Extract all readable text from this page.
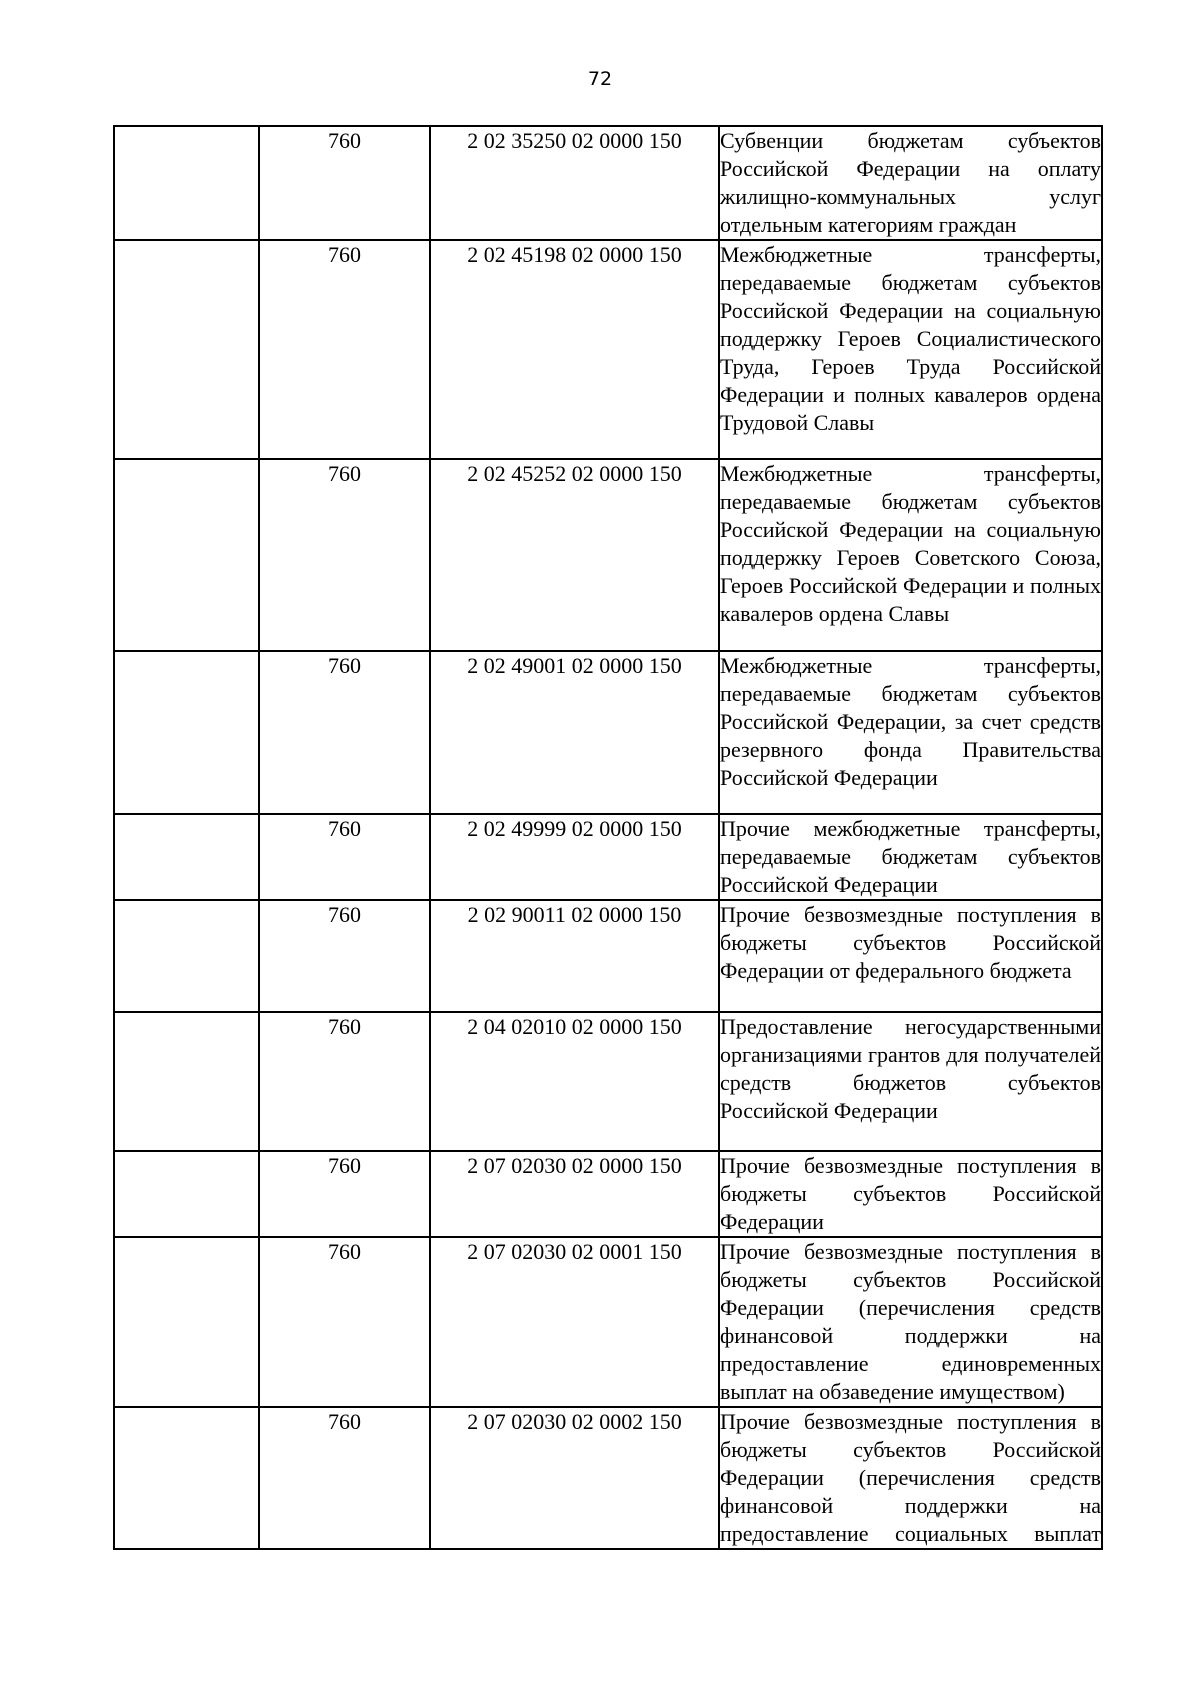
72
	760	2 02 35250 02 0000 150	Субвенции бюджетам субъектов Российской Федерации на оплату жилищно-коммунальных услуг отдельным категориям граждан
	760	2 02 45198 02 0000 150	Межбюджетные трансферты, передаваемые бюджетам субъектов Российской Федерации на социальную поддержку Героев Социалистического Труда, Героев Труда Российской Федерации и полных кавалеров ордена Трудовой Славы
	760	2 02 45252 02 0000 150	Межбюджетные трансферты, передаваемые бюджетам субъектов Российской Федерации на социальную поддержку Героев Советского Союза, Героев Российской Федерации и полных кавалеров ордена Славы
	760	2 02 49001 02 0000 150	Межбюджетные трансферты, передаваемые бюджетам субъектов Российской Федерации, за счет средств резервного фонда Правительства Российской Федерации
	760	2 02 49999 02 0000 150	Прочие межбюджетные трансферты, передаваемые бюджетам субъектов Российской Федерации
	760	2 02 90011 02 0000 150	Прочие безвозмездные поступления в бюджеты субъектов Российской Федерации от федерального бюджета
	760	2 04 02010 02 0000 150	Предоставление негосударственными организациями грантов для получателей средств бюджетов субъектов Российской Федерации
	760	2 07 02030 02 0000 150	Прочие безвозмездные поступления в бюджеты субъектов Российской Федерации
	760	2 07 02030 02 0001 150	Прочие безвозмездные поступления в бюджеты субъектов Российской Федерации (перечисления средств финансовой поддержки на предоставление единовременных выплат на обзаведение имуществом)
	760	2 07 02030 02 0002 150	Прочие безвозмездные поступления в бюджеты субъектов Российской Федерации (перечисления средств финансовой поддержки на предоставление социальных выплат
